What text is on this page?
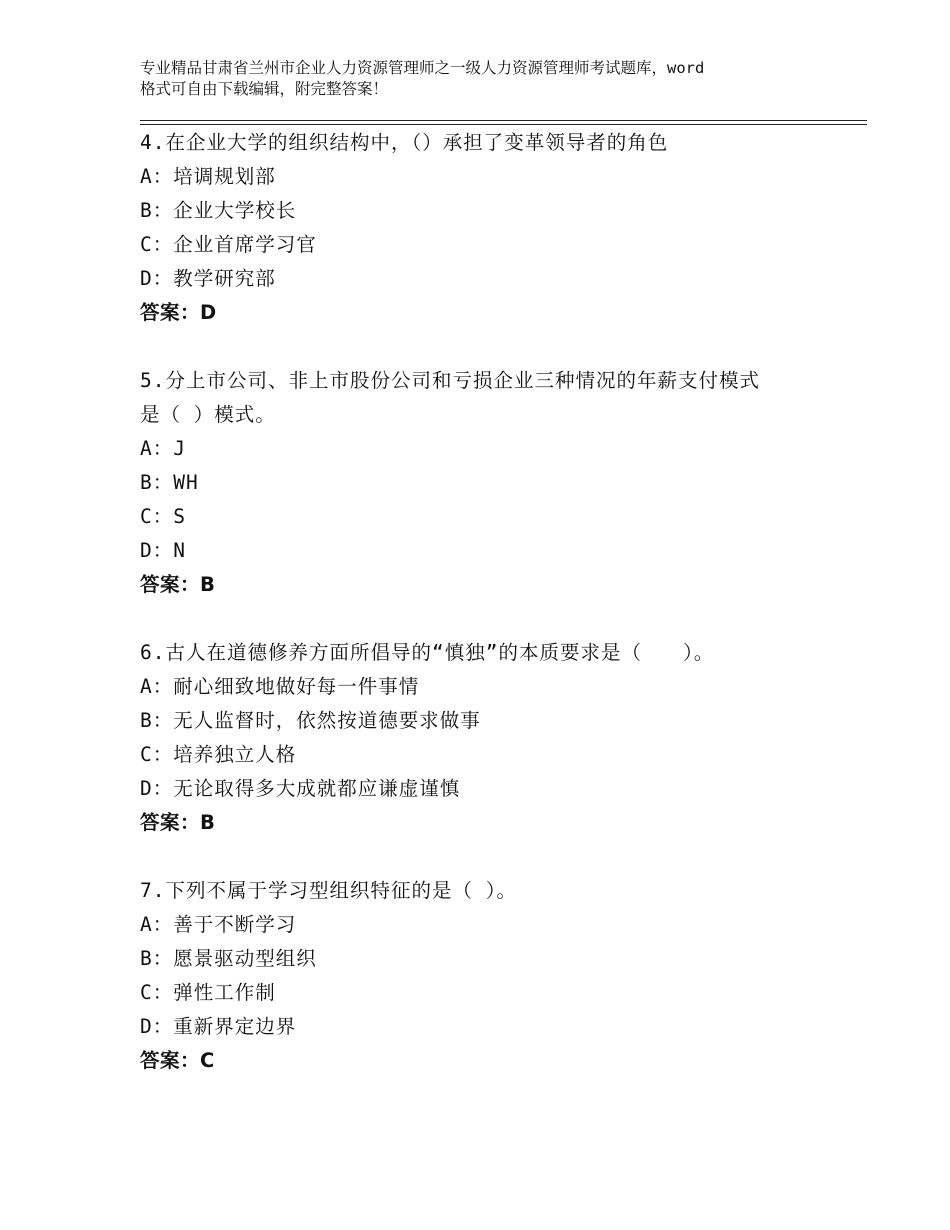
专业精品甘肃省兰州市企业人力资源管理师之一级人力资源管理师考试题库，word
格式可自由下载编辑，附完整答案！
4.在企业大学的组织结构中，（）承担了变革领导者的角色
A：培调规划部
B：企业大学校长
C：企业首席学习官
D：教学研究部
答案：D
5.分上市公司、非上市股份公司和亏损企业三种情况的年薪支付模式
是（ ）模式。
A：J
B：WH
C：S
D：N
答案：B
6.古人在道德修养方面所倡导的“慎独”的本质要求是（　　）。
A：耐心细致地做好每一件事情
B：无人监督时，依然按道德要求做事
C：培养独立人格
D：无论取得多大成就都应谦虚谨慎
答案：B
7.下列不属于学习型组织特征的是（ ）。
A：善于不断学习
B：愿景驱动型组织
C：弹性工作制
D：重新界定边界
答案：C
